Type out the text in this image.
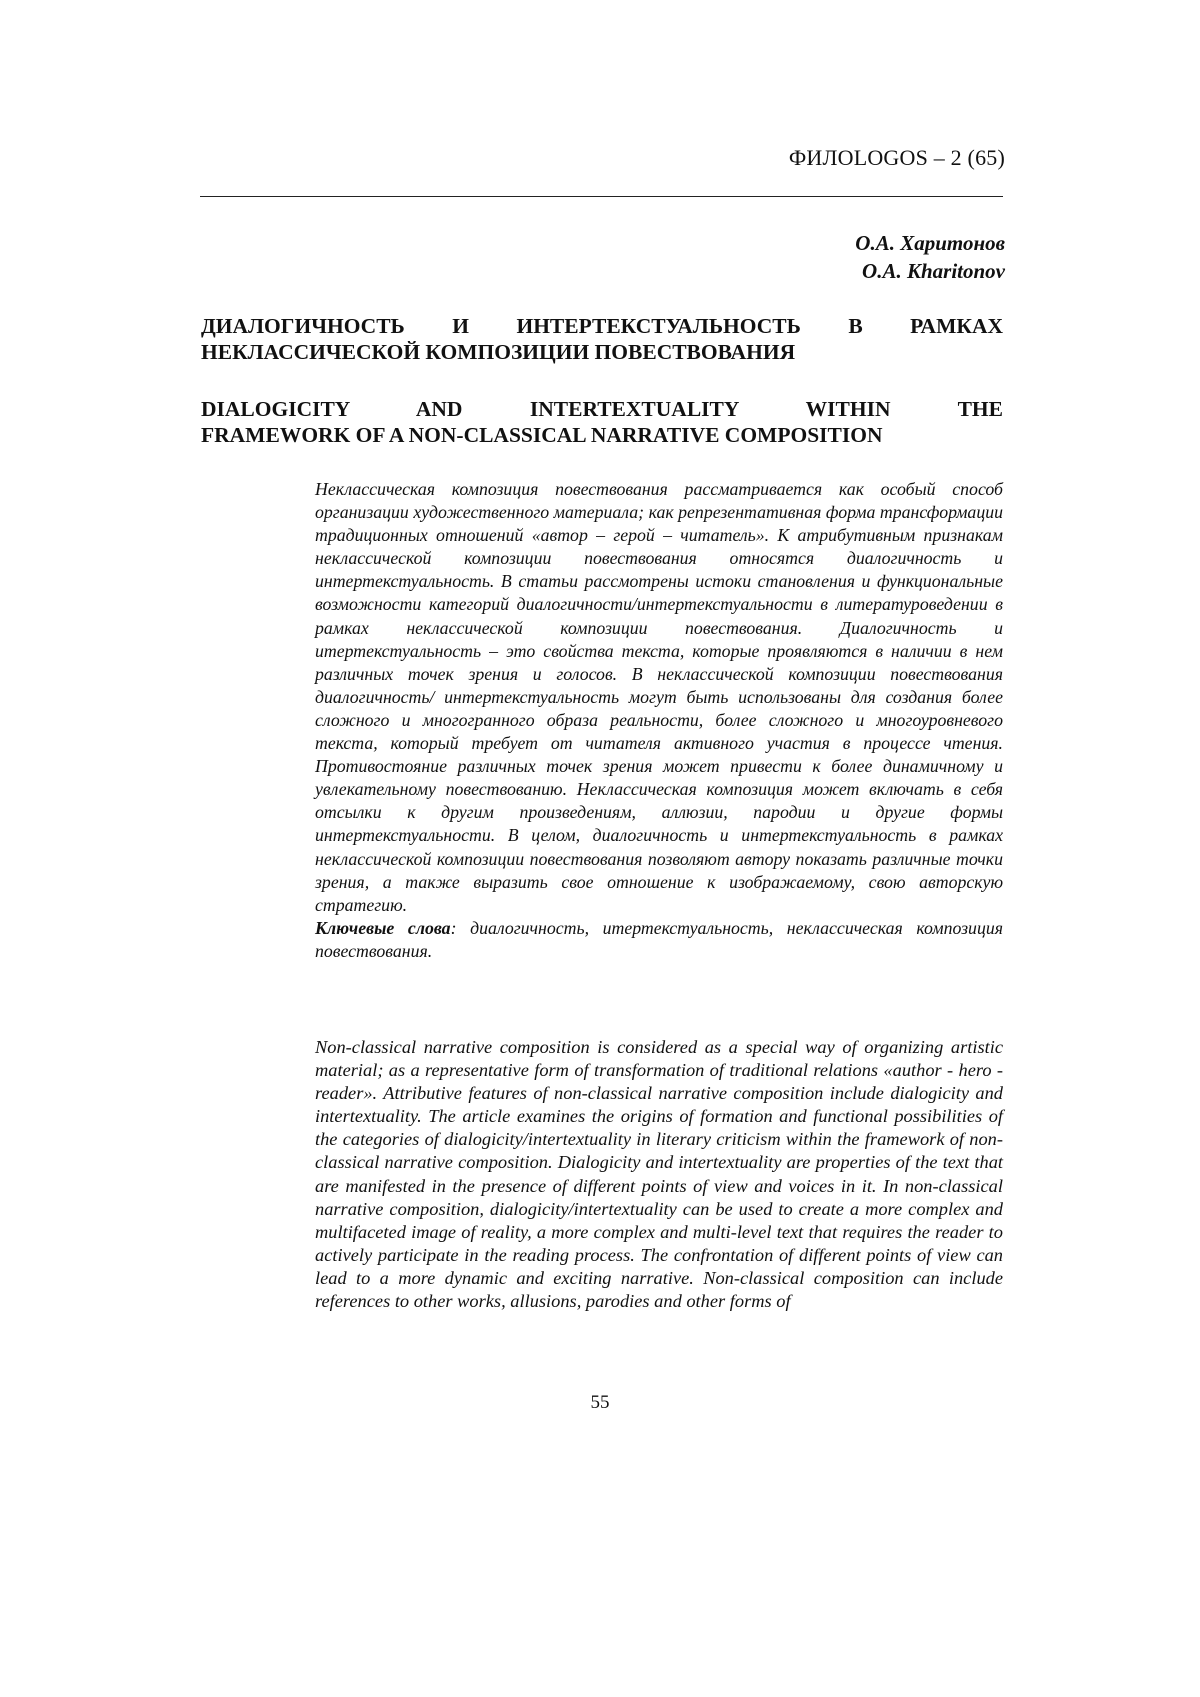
ФИЛOLOGOS – 2 (65)
О.А. Харитонов
O.A. Kharitonov
ДИАЛОГИЧНОСТЬ И ИНТЕРТЕКСТУАЛЬНОСТЬ В РАМКАХ
НЕКЛАССИЧЕСКОЙ КОМПОЗИЦИИ ПОВЕСТВОВАНИЯ
DIALOGICITY AND INTERTEXTUALITY WITHIN THE
FRAMEWORK OF A NON-CLASSICAL NARRATIVE COMPOSITION
Неклассическая композиция повествования рассматривается как особый способ организации художественного материала; как репрезентативная форма трансформации традиционных отношений «автор – герой – читатель». К атрибутивным признакам неклассической композиции повествования относятся диалогичность и интертекстуальность. В статьи рассмотрены истоки становления и функциональные возможности категорий диалогичности/интертекстуальности в литературоведении в рамках неклассической композиции повествования. Диалогичность и итертекстуальность – это свойства текста, которые проявляются в наличии в нем различных точек зрения и голосов. В неклассической композиции повествования диалогичность/ интертекстуальность могут быть использованы для создания более сложного и многогранного образа реальности, более сложного и многоуровневого текста, который требует от читателя активного участия в процессе чтения. Противостояние различных точек зрения может привести к более динамичному и увлекательному повествованию. Неклассическая композиция может включать в себя отсылки к другим произведениям, аллюзии, пародии и другие формы интертекстуальности. В целом, диалогичность и интертекстуальность в рамках неклассической композиции повествования позволяют автору показать различные точки зрения, а также выразить свое отношение к изображаемому, свою авторскую стратегию.
Ключевые слова: диалогичность, итертекстуальность, неклассическая композиция повествования.
Non-classical narrative composition is considered as a special way of organizing artistic material; as a representative form of transformation of traditional relations «author - hero - reader». Attributive features of non-classical narrative composition include dialogicity and intertextuality. The article examines the origins of formation and functional possibilities of the categories of dialogicity/intertextuality in literary criticism within the framework of non-classical narrative composition. Dialogicity and intertextuality are properties of the text that are manifested in the presence of different points of view and voices in it. In non-classical narrative composition, dialogicity/intertextuality can be used to create a more complex and multifaceted image of reality, a more complex and multi-level text that requires the reader to actively participate in the reading process. The confrontation of different points of view can lead to a more dynamic and exciting narrative. Non-classical composition can include references to other works, allusions, parodies and other forms of
55
